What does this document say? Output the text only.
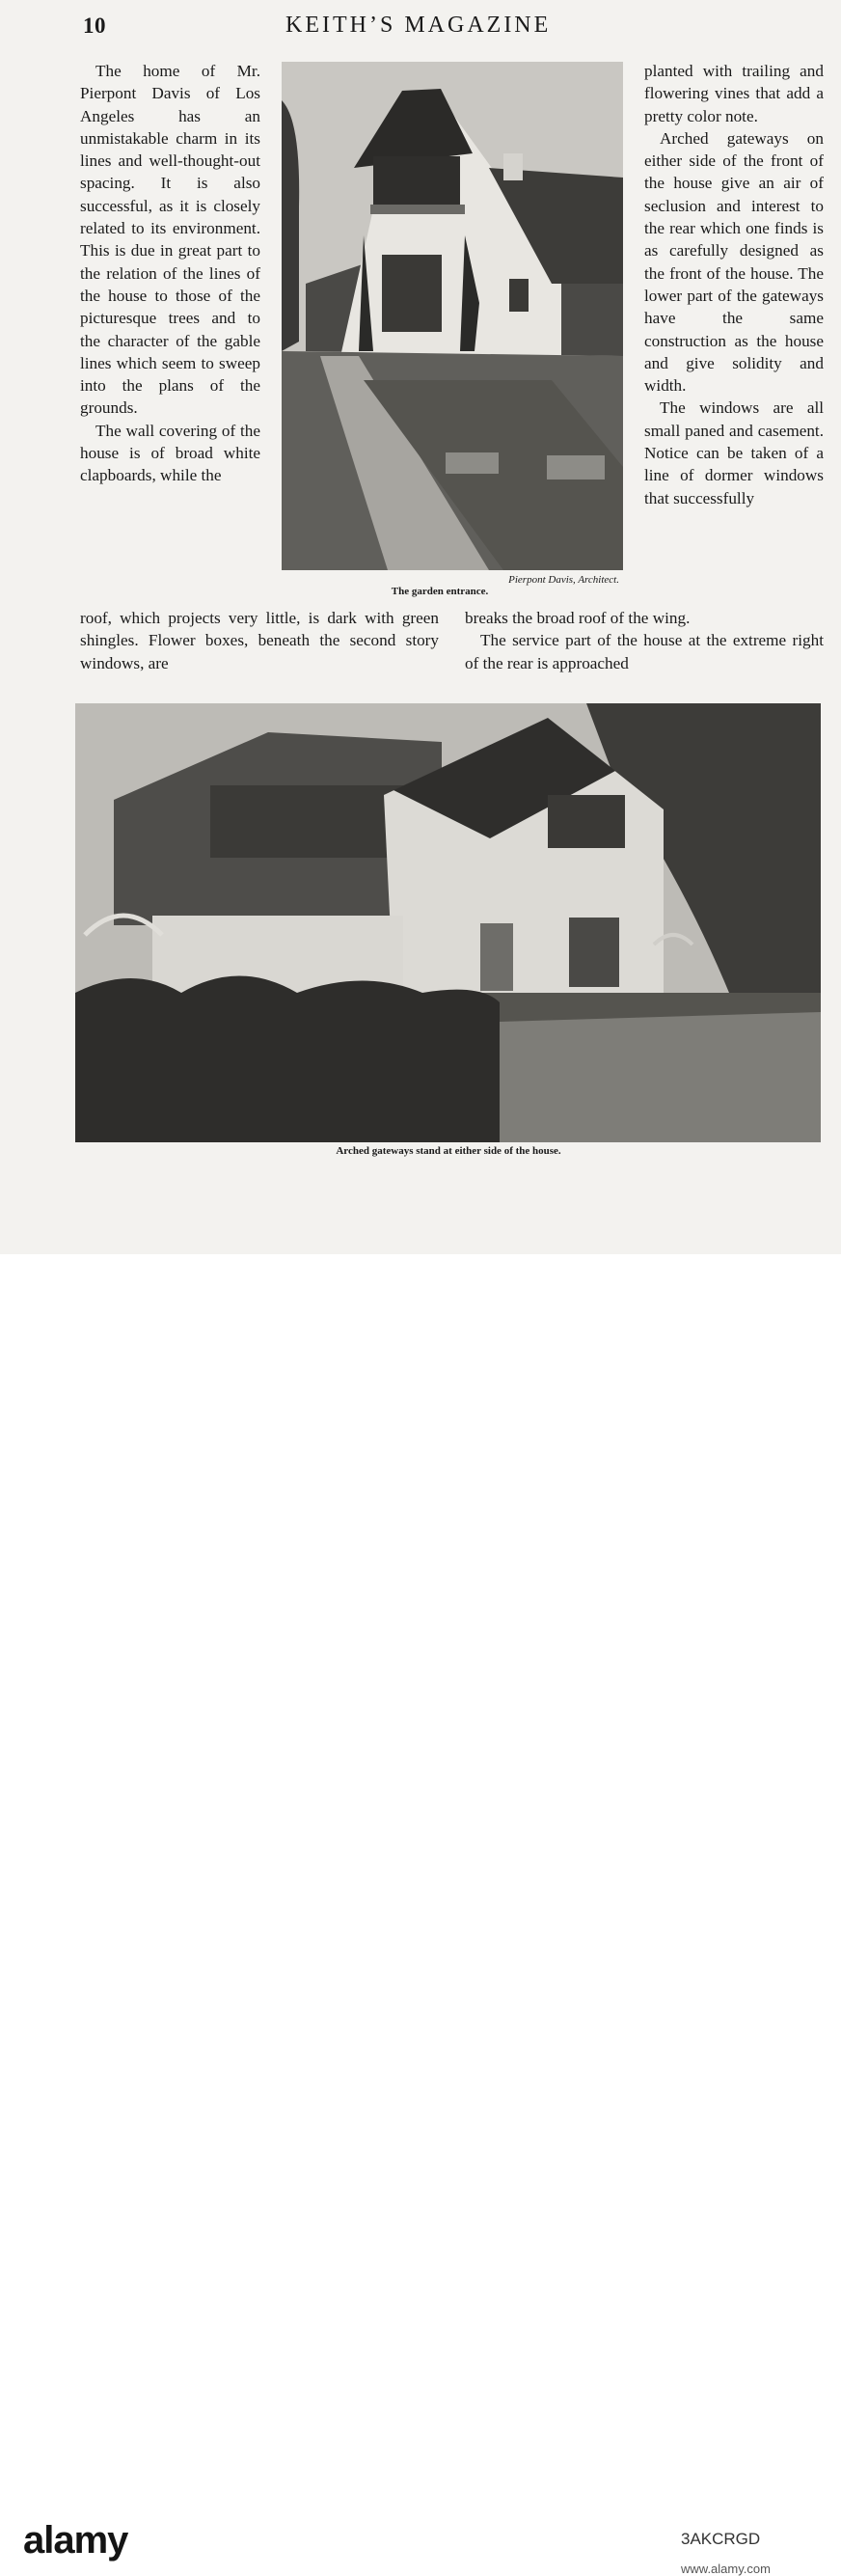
10	KEITH’S MAGAZINE

The home of Mr. Pierpont Davis of Los Angeles has an unmistakable charm in its lines and well-thought-out spacing. It is also successful, as it is closely related to its environment. This is due in great part to the relation of the lines of the house to those of the picturesque trees and to the character of the gable lines which seem to sweep into the plans of the grounds.

The wall covering of the house is of broad white clapboards, while the

Pierpont Davis, Architect.
The garden entrance.

planted with trailing and flowering vines that add a pretty color note.

Arched gateways on either side of the front of the house give an air of seclusion and interest to the rear which one finds is as carefully designed as the front of the house. The lower part of the gateways have the same construction as the house and give solidity and width.

The windows are all small paned and casement. Notice can be taken of a line of dormer windows that successfully

roof, which projects very little, is dark with green shingles. Flower boxes, beneath the second story windows, are

breaks the broad roof of the wing.

The service part of the house at the extreme right of the rear is approached

Arched gateways stand at either side of the house.
alamy	3AKCRGD
www.alamy.com
